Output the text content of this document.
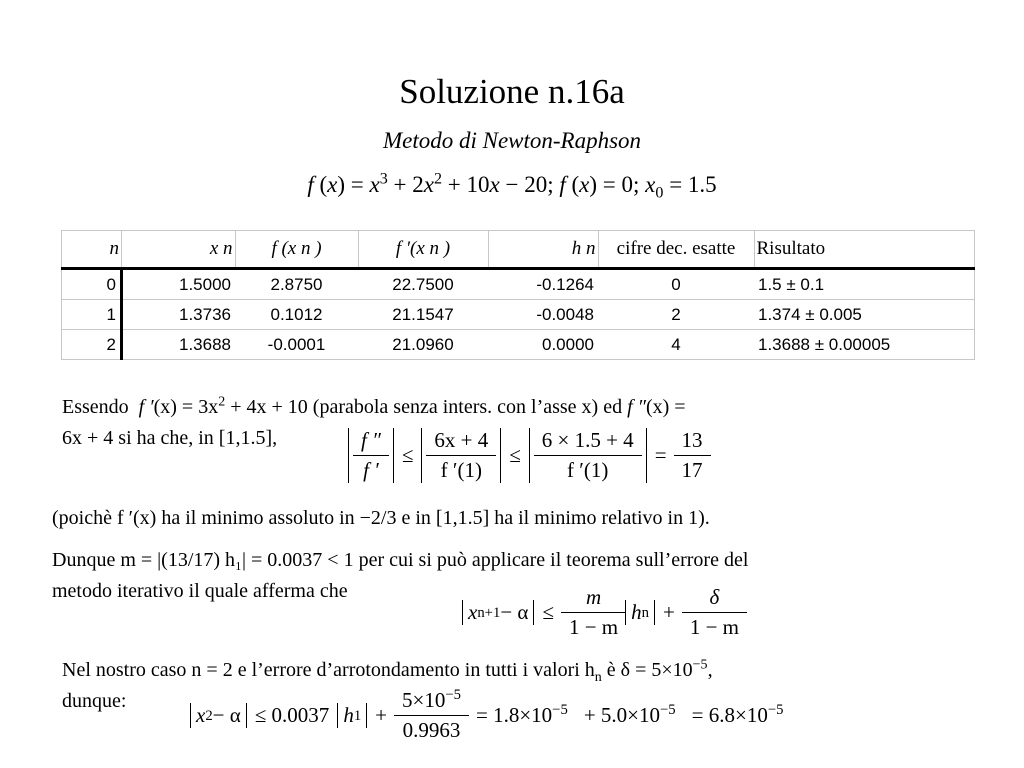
Soluzione n.16a
Metodo di Newton-Raphson
f $(x) = x^3 + 2x^2 + 10x - 20$; f (x) = 0; $x_0 = 1.5$
n	x n	f (x n )	f ′(x n )	h n	cifre dec. esatte	Risultato
0	1.5000	2.8750	22.7500	-0.1264	0	1.5 ± 0.1
1	1.3736	0.1012	21.1547	-0.0048	2	1.374 ± 0.005
2	1.3688	-0.0001	21.0960	0.0000	4	1.3688 ± 0.00005
Essendo f $'(x) = 3x^2 + 4x + 10$ (parabola senza inters. con l’asse x) ed f ″(x) =
6x + 4 si ha che, in [1,1.5],	$\frac{f ''}{f '} \le \frac{6x + 4}{f '(1)} \le \frac{6 \times 1.5 + 4}{f '(1)} = \frac{13}{17}$
(poichè f ′(x) ha il minimo assoluto in −2/3 e in [1,1.5] ha il minimo relativo in 1).
Dunque m = |(13/17) h₁| = 0.0037 < 1 per cui si può applicare il teorema sull’errore del
metodo iterativo il quale afferma che
x $n+1 - \alpha \le \frac{m}{1 - m}$ h $n + \frac{\delta}{1 - m}$
Nel nostro caso n = 2 e l’errore d’arrotondamento in tutti i valori $h_n$ è $\delta = 5\times 10^{-5}$,
dunque:
x 2 − α ≤ 0.0037 h $1 + \frac{5\times 10^{-5}}{0.9963} = 1.8\times 10^{-5} + 5.0\times 10^{-5} = 6.8\times 10^{-5}$
